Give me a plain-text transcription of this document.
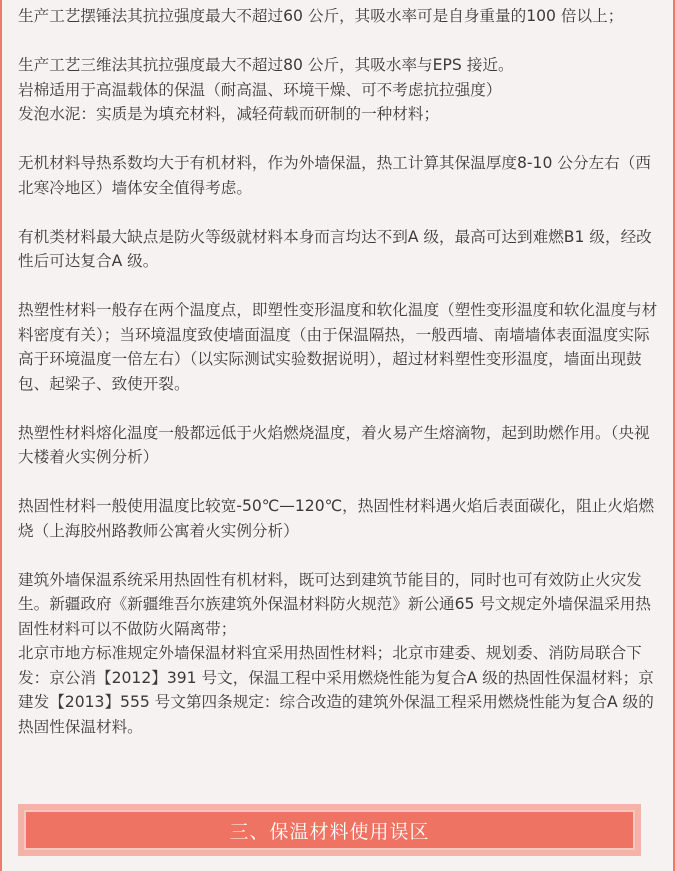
生产工艺摆锤法其抗拉强度最大不超过60 公斤，其吸水率可是自身重量的100 倍以上；

生产工艺三维法其抗拉强度最大不超过80 公斤，其吸水率与EPS 接近。

岩棉适用于高温载体的保温（耐高温、环境干燥、可不考虑抗拉强度）

发泡水泥：实质是为填充材料，减轻荷载而研制的一种材料；

无机材料导热系数均大于有机材料，作为外墙保温，热工计算其保温厚度8-10 公分左右（西北寒冷地区）墙体安全值得考虑。

有机类材料最大缺点是防火等级就材料本身而言均达不到A 级，最高可达到难燃B1 级，经改性后可达复合A 级。

热塑性材料一般存在两个温度点，即塑性变形温度和软化温度（塑性变形温度和软化温度与材料密度有关）；当环境温度致使墙面温度（由于保温隔热，一般西墙、南墙墙体表面温度实际高于环境温度一倍左右）（以实际测试实验数据说明），超过材料塑性变形温度，墙面出现鼓包、起梁子、致使开裂。

热塑性材料熔化温度一般都远低于火焰燃烧温度，着火易产生熔滴物，起到助燃作用。（央视大楼着火实例分析）

热固性材料一般使用温度比较宽-50℃—120℃，热固性材料遇火焰后表面碳化，阻止火焰燃烧（上海胶州路教师公寓着火实例分析）

建筑外墙保温系统采用热固性有机材料，既可达到建筑节能目的，同时也可有效防止火灾发生。新疆政府《新疆维吾尔族建筑外保温材料防火规范》新公通65 号文规定外墙保温采用热固性材料可以不做防火隔离带；

北京市地方标准规定外墙保温材料宜采用热固性材料；北京市建委、规划委、消防局联合下发：京公消【2012】391 号文，保温工程中采用燃烧性能为复合A 级的热固性保温材料；京建发【2013】555 号文第四条规定：综合改造的建筑外保温工程采用燃烧性能为复合A 级的热固性保温材料。

三、保温材料使用误区
